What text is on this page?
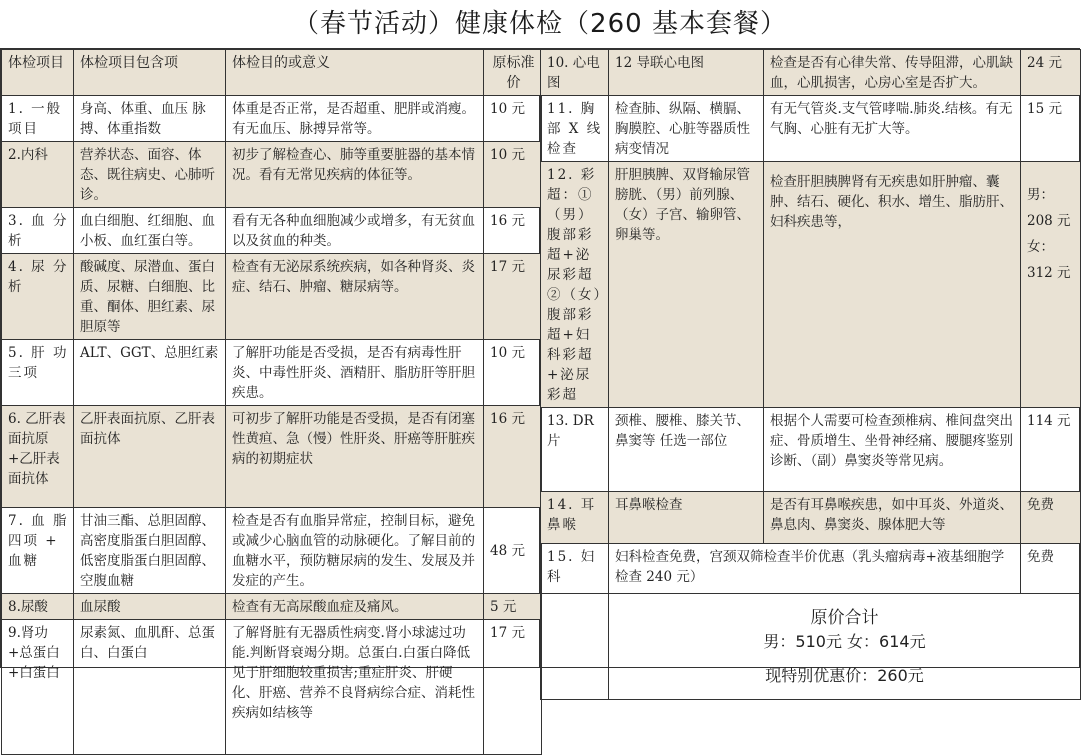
（春节活动）健康体检（260 基本套餐）
体检项目	体检项目包含项	体检目的或意义	原标准价
1. 一般项目	身高、体重、血压 脉搏、体重指数	体重是否正常，是否超重、肥胖或消瘦。有无血压、脉搏异常等。	10 元
2.内科	营养状态、面容、体态、既往病史、心肺听诊。	初步了解检查心、肺等重要脏器的基本情况。看有无常见疾病的体征等。	10 元
3. 血 分析	血白细胞、红细胞、血小板、血红蛋白等。	看有无各种血细胞减少或增多，有无贫血以及贫血的种类。	16 元
4. 尿 分析	酸碱度、尿潜血、蛋白质、尿糖、白细胞、比重、酮体、胆红素、尿胆原等	检查有无泌尿系统疾病，如各种肾炎、炎症、结石、肿瘤、糖尿病等。	17 元
5. 肝 功 三项	ALT、GGT、总胆红素	了解肝功能是否受损，是否有病毒性肝炎、中毒性肝炎、酒精肝、脂肪肝等肝胆疾患。	10 元
6. 乙肝表面抗原+乙肝表面抗体	乙肝表面抗原、乙肝表面抗体	可初步了解肝功能是否受损，是否有闭塞性黄疸、急（慢）性肝炎、肝癌等肝脏疾病的初期症状	16 元
7. 血 脂四项 + 血糖	甘油三酯、总胆固醇、高密度脂蛋白胆固醇、低密度脂蛋白胆固醇、空腹血糖	检查是否有血脂异常症，控制目标，避免或减少心脑血管的动脉硬化。了解目前的血糖水平，预防糖尿病的发生、发展及并发症的产生。	48 元
8.尿酸	血尿酸	检查有无高尿酸血症及痛风。	5 元
9.肾功+总蛋白+白蛋白	尿素氮、血肌酐、总蛋白、白蛋白	了解肾脏有无器质性病变.肾小球滤过功能.判断肾衰竭分期。总蛋白.白蛋白降低见于肝细胞较重损害;重症肝炎、肝硬化、肝癌、营养不良肾病综合症、消耗性疾病如结核等	17 元
10. 心电图	12 导联心电图	检查是否有心律失常、传导阻滞，心肌缺血，心肌损害，心房心室是否扩大。	24 元
11. 胸 部 X 线检查	检查肺、纵隔、横膈、胸膜腔、心脏等器质性病变情况	有无气管炎.支气管哮喘.肺炎.结核。有无气胸、心脏有无扩大等。	15 元
12. 彩超：①（男）腹部彩超+泌尿彩超 ②（女）腹部彩超+妇科彩超+泌尿彩超	肝胆胰脾、双肾输尿管膀胱、（男）前列腺、（女）子宫、输卵管、卵巢等。	检查肝胆胰脾肾有无疾患如肝肿瘤、囊肿、结石、硬化、积水、增生、脂肪肝、妇科疾患等，	男：208 元 女：312 元
13. DR 片	颈椎、腰椎、膝关节、鼻窦等 任选一部位	根据个人需要可检查颈椎病、椎间盘突出症、骨质增生、坐骨神经痛、腰腿疼鉴别诊断、（副）鼻窦炎等常见病。	114 元
14. 耳鼻喉	耳鼻喉检查	是否有耳鼻喉疾患，如中耳炎、外道炎、鼻息肉、鼻窦炎、腺体肥大等	免费
15. 妇科	妇科检查免费，宫颈双筛检查半价优惠（乳头瘤病毒+液基细胞学检查 240 元）		免费

	原价合计
男：510元 女：614元
现特别优惠价：260元		
